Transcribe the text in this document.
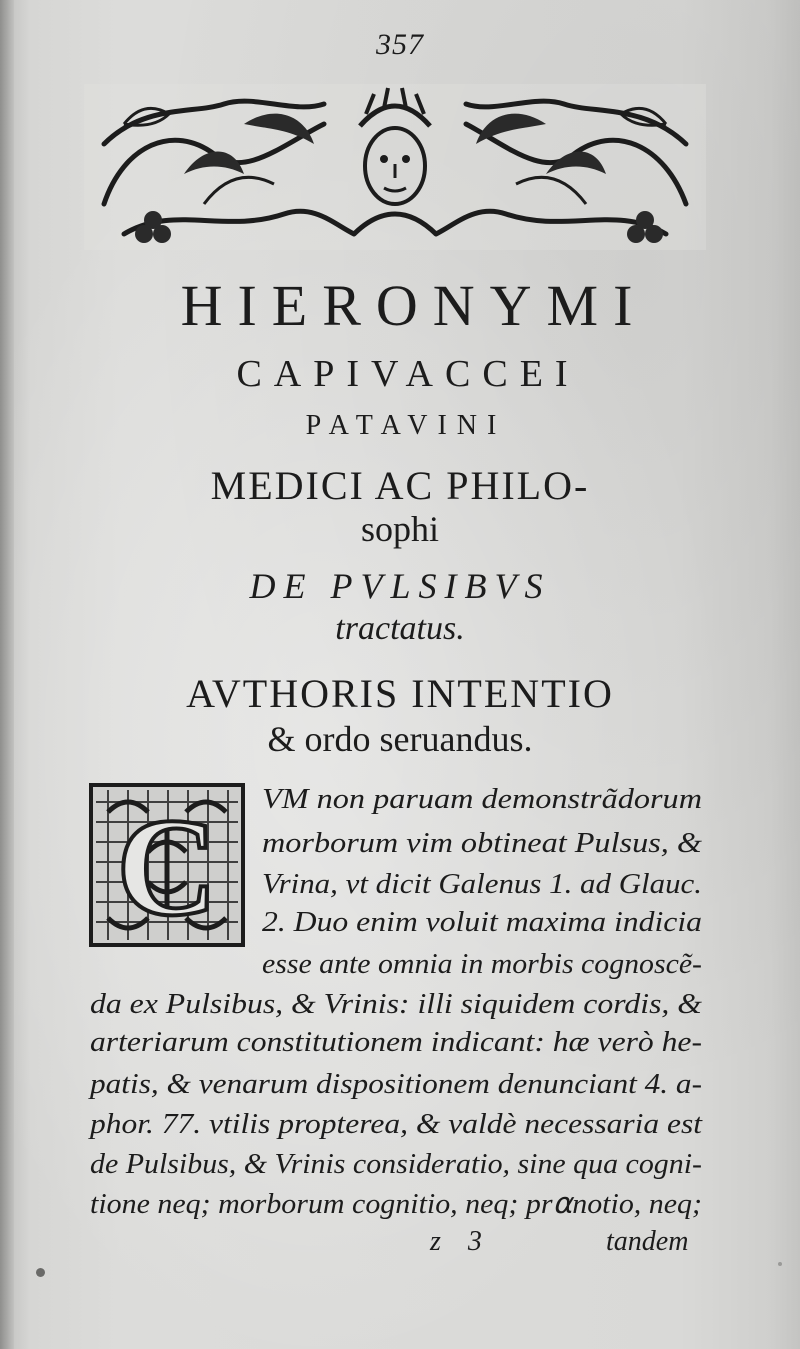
357
HIERONYMI
CAPIVACCEI
PATAVINI
MEDICI AC PHILO-
sophi
DE PVLSIBVS
tractatus.
AVTHORIS INTENTIO
& ordo seruandus.
C VM non paruam demonstrãdorum
morborum vim obtineat Pulsus, &
Vrina, vt dicit Galenus 1. ad Glauc.
2. Duo enim voluit maxima indicia
esse ante omnia in morbis cognoscẽ-
da ex Pulsibus, & Vrinis: illi siquidem cordis, &
arteriarum constitutionem indicant: hæ verò he-
patis, & venarum dispositionem denunciant 4. a-
phor. 77. vtilis propterea, & valdè necessaria est
de Pulsibus, & Vrinis consideratio, sine qua cogni-
tione neq; morborum cognitio, neq; pr⍺notio, neq;
z 3	tandem
